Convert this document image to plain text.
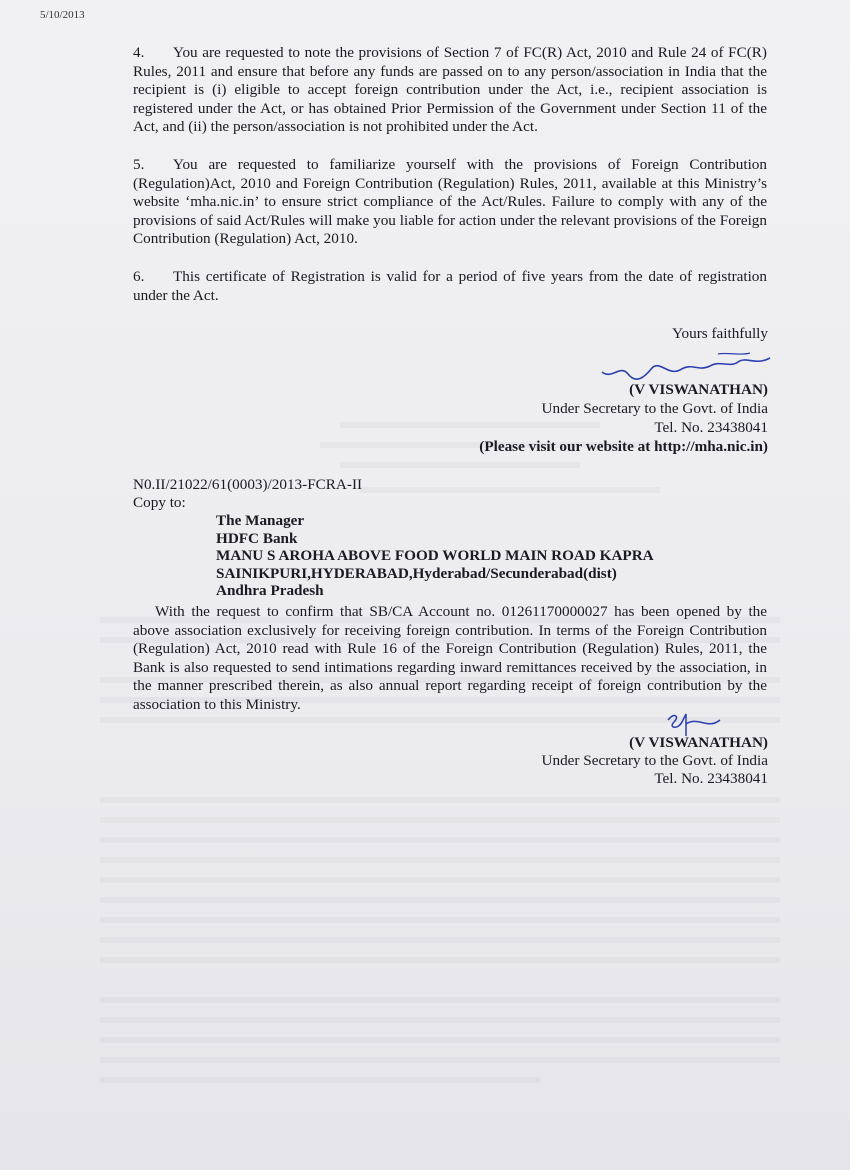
5/10/2013
4. You are requested to note the provisions of Section 7 of FC(R) Act, 2010 and Rule 24 of FC(R) Rules, 2011 and ensure that before any funds are passed on to any person/association in India that the recipient is (i) eligible to accept foreign contribution under the Act, i.e., recipient association is registered under the Act, or has obtained Prior Permission of the Government under Section 11 of the Act, and (ii) the person/association is not prohibited under the Act.
5. You are requested to familiarize yourself with the provisions of Foreign Contribution (Regulation)Act, 2010 and Foreign Contribution (Regulation) Rules, 2011, available at this Ministry’s website ‘mha.nic.in’ to ensure strict compliance of the Act/Rules. Failure to comply with any of the provisions of said Act/Rules will make you liable for action under the relevant provisions of the Foreign Contribution (Regulation) Act, 2010.
6. This certificate of Registration is valid for a period of five years from the date of registration under the Act.
Yours faithfully
(V VISWANATHAN)
Under Secretary to the Govt. of India
Tel. No. 23438041
(Please visit our website at http://mha.nic.in)
N0.II/21022/61(0003)/2013-FCRA-II
Copy to:
The Manager
HDFC Bank
MANU S AROHA ABOVE FOOD WORLD MAIN ROAD KAPRA
SAINIKPURI,HYDERABAD,Hyderabad/Secunderabad(dist)
Andhra Pradesh
With the request to confirm that SB/CA Account no. 01261170000027 has been opened by the above association exclusively for receiving foreign contribution. In terms of the Foreign Contribution (Regulation) Act, 2010 read with Rule 16 of the Foreign Contribution (Regulation) Rules, 2011, the Bank is also requested to send intimations regarding inward remittances received by the association, in the manner prescribed therein, as also annual report regarding receipt of foreign contribution by the association to this Ministry.
(V VISWANATHAN)
Under Secretary to the Govt. of India
Tel. No. 23438041
